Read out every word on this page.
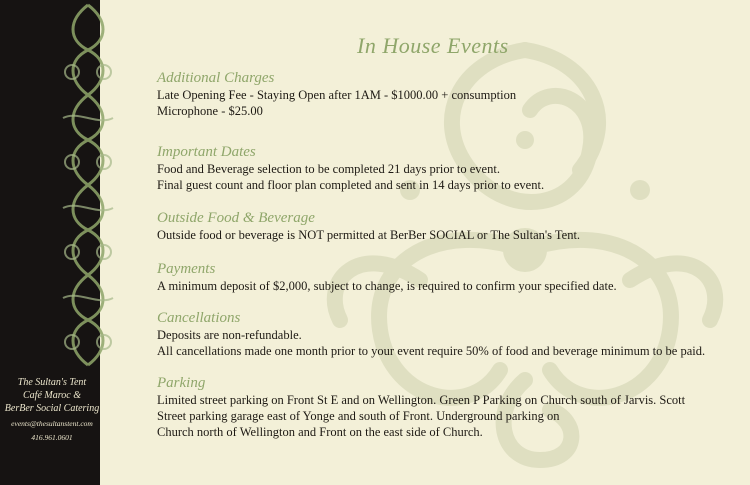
The Sultan's Tent
Café Maroc &
BerBer Social Catering
events@thesultanstent.com
416.961.0601
In House Events
Additional Charges
Late Opening Fee - Staying Open after 1AM - $1000.00 + consumption
Microphone - $25.00
Important Dates
Food and Beverage selection to be completed 21 days prior to event.
Final guest count and floor plan completed and sent in 14 days prior to event.
Outside Food & Beverage
Outside food or beverage is NOT permitted at BerBer SOCIAL or The Sultan's Tent.
Payments
A minimum deposit of $2,000, subject to change, is required to confirm your specified date.
Cancellations
Deposits are non-refundable.
All cancellations made one month prior to your event require 50% of food and beverage minimum to be paid.
Parking
Limited street parking on Front St E and on Wellington. Green P Parking on Church south of Jarvis. Scott
Street parking garage east of Yonge and south of Front. Underground parking on
Church north of Wellington and Front on the east side of Church.
